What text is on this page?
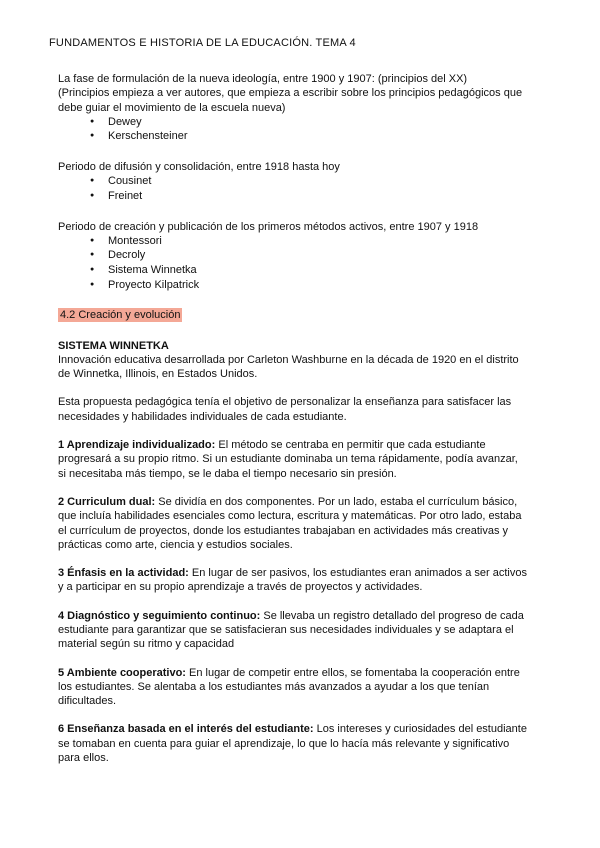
FUNDAMENTOS E HISTORIA DE LA EDUCACIÓN. TEMA 4

La fase de formulación de la nueva ideología, entre 1900 y 1907: (principios del XX)

(Principios empieza a ver autores, que empieza a escribir sobre los principios pedagógicos que debe guiar el movimiento de la escuela nueva)

● Dewey
● Kerschensteiner

Periodo de difusión y consolidación, entre 1918 hasta hoy

● Cousinet
● Freinet

Periodo de creación y publicación de los primeros métodos activos, entre 1907 y 1918

● Montessori
● Decroly
● Sistema Winnetka
● Proyecto Kilpatrick

4.2 Creación y evolución

SISTEMA WINNETKA

Innovación educativa desarrollada por Carleton Washburne en la década de 1920 en el distrito de Winnetka, Illinois, en Estados Unidos.

Esta propuesta pedagógica tenía el objetivo de personalizar la enseñanza para satisfacer las necesidades y habilidades individuales de cada estudiante.

1 Aprendizaje individualizado: El método se centraba en permitir que cada estudiante progresará a su propio ritmo. Si un estudiante dominaba un tema rápidamente, podía avanzar, si necesitaba más tiempo, se le daba el tiempo necesario sin presión.

2 Curriculum dual: Se dividía en dos componentes. Por un lado, estaba el currículum básico, que incluía habilidades esenciales como lectura, escritura y matemáticas. Por otro lado, estaba el currículum de proyectos, donde los estudiantes trabajaban en actividades más creativas y prácticas como arte, ciencia y estudios sociales.

3 Énfasis en la actividad: En lugar de ser pasivos, los estudiantes eran animados a ser activos y a participar en su propio aprendizaje a través de proyectos y actividades.

4 Diagnóstico y seguimiento continuo: Se llevaba un registro detallado del progreso de cada estudiante para garantizar que se satisfacieran sus necesidades individuales y se adaptara el material según su ritmo y capacidad

5 Ambiente cooperativo: En lugar de competir entre ellos, se fomentaba la cooperación entre los estudiantes. Se alentaba a los estudiantes más avanzados a ayudar a los que tenían dificultades.

6 Enseñanza basada en el interés del estudiante: Los intereses y curiosidades del estudiante se tomaban en cuenta para guiar el aprendizaje, lo que lo hacía más relevante y significativo para ellos.
